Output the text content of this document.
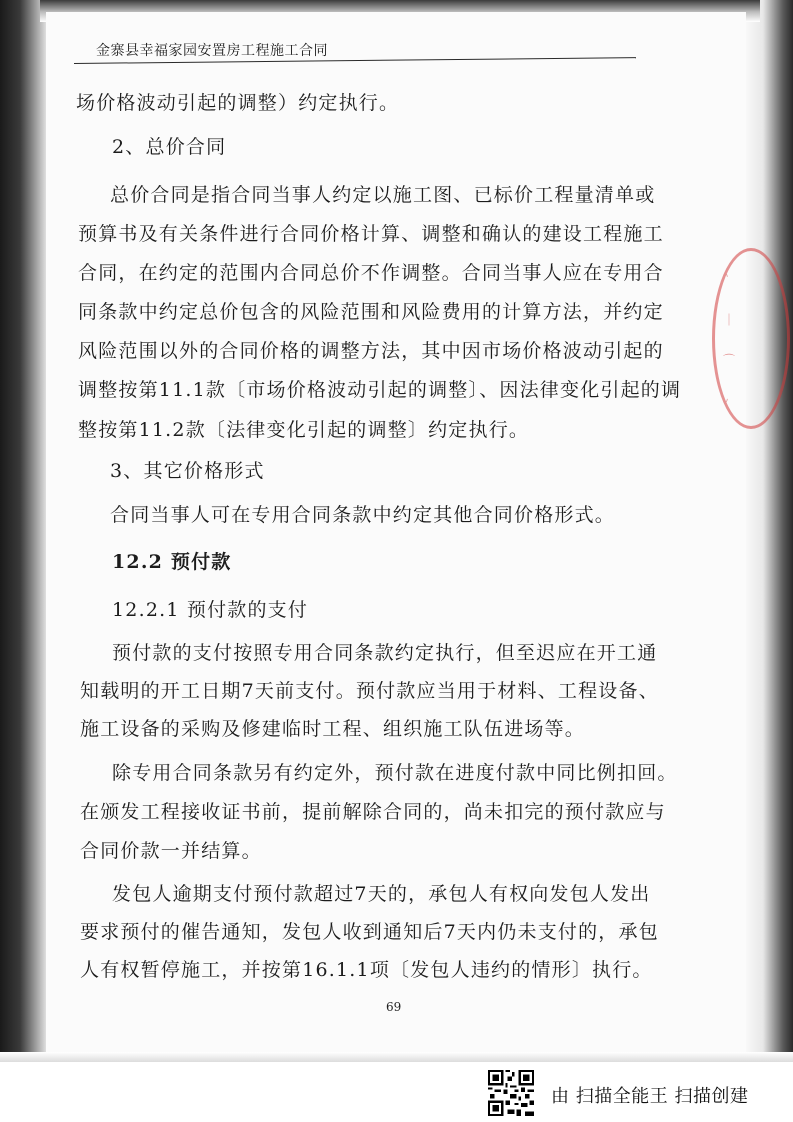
金寨县幸福家园安置房工程施工合同
场价格波动引起的调整）约定执行。
2、总价合同
总价合同是指合同当事人约定以施工图、已标价工程量清单或
预算书及有关条件进行合同价格计算、调整和确认的建设工程施工
合同，在约定的范围内合同总价不作调整。合同当事人应在专用合
同条款中约定总价包含的风险范围和风险费用的计算方法，并约定
风险范围以外的合同价格的调整方法，其中因市场价格波动引起的
调整按第11.1款〔市场价格波动引起的调整〕、因法律变化引起的调
整按第11.2款〔法律变化引起的调整〕约定执行。
3、其它价格形式
合同当事人可在专用合同条款中约定其他合同价格形式。
12.2 预付款
12.2.1 预付款的支付
预付款的支付按照专用合同条款约定执行，但至迟应在开工通
知载明的开工日期7天前支付。预付款应当用于材料、工程设备、
施工设备的采购及修建临时工程、组织施工队伍进场等。
除专用合同条款另有约定外，预付款在进度付款中同比例扣回。
在颁发工程接收证书前，提前解除合同的，尚未扣完的预付款应与
合同价款一并结算。
发包人逾期支付预付款超过7天的，承包人有权向发包人发出
要求预付的催告通知，发包人收到通知后7天内仍未支付的，承包
人有权暂停施工，并按第16.1.1项〔发包人违约的情形〕执行。
69
◝
｜
⌒
◞
由 扫描全能王 扫描创建
